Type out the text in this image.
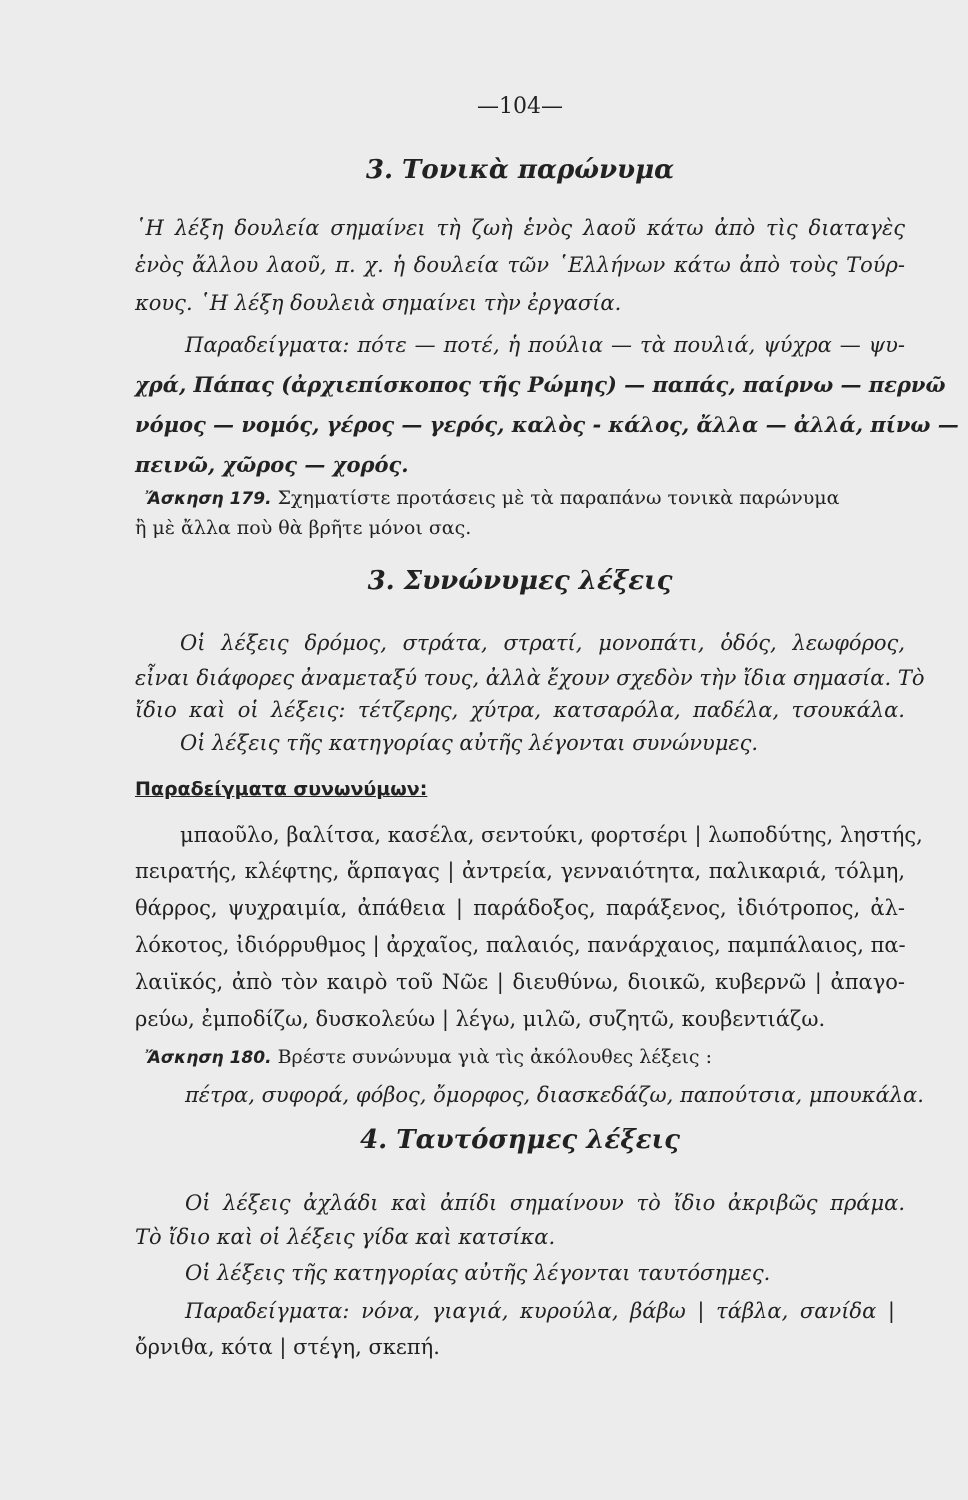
—104—
3. Τονικὰ παρώνυμα
῾Η λέξη δουλεία σημαίνει τὴ ζωὴ ἑνὸς λαοῦ κάτω ἀπὸ τὶς διαταγὲς
ἑνὸς ἄλλου λαοῦ, π. χ. ἡ δουλεία τῶν ῾Ελλήνων κάτω ἀπὸ τοὺς Τούρ-
κους. ῾Η λέξη δουλειὰ σημαίνει τὴν ἐργασία.
Παραδείγματα: πότε — ποτέ, ἡ πούλια — τὰ πουλιά, ψύχρα — ψυ-
χρά, Πάπας (ἀρχιεπίσκοπος τῆς Ρώμης) — παπάς, παίρνω — περνῶ
νόμος — νομός, γέρος — γερός, καλὸς - κάλος, ἄλλα — ἀλλά, πίνω —
πεινῶ, χῶρος — χορός.
Ἄσκηση 179. Σχηματίστε προτάσεις μὲ τὰ παραπάνω τονικὰ παρώνυμα
ἢ μὲ ἄλλα ποὺ θὰ βρῆτε μόνοι σας.
3. Συνώνυμες λέξεις
Οἱ λέξεις δρόμος, στράτα, στρατί, μονοπάτι, ὁδός, λεωφόρος,
εἶναι διάφορες ἀναμεταξύ τους, ἀλλὰ ἔχουν σχεδὸν τὴν ἴδια σημασία. Τὸ
ἴδιο καὶ οἱ λέξεις: τέτζερης, χύτρα, κατσαρόλα, παδέλα, τσουκάλα.
Οἱ λέξεις τῆς κατηγορίας αὐτῆς λέγονται συνώνυμες.
Παραδείγματα συνωνύμων:
μπαοῦλο, βαλίτσα, κασέλα, σεντούκι, φορτσέρι | λωποδύτης, ληστής,
πειρατής, κλέφτης, ἅρπαγας | ἀντρεία, γενναιότητα, παλικαριά, τόλμη,
θάρρος, ψυχραιμία, ἀπάθεια | παράδοξος, παράξενος, ἰδιότροπος, ἀλ-
λόκοτος, ἰδιόρρυθμος | ἀρχαῖος, παλαιός, πανάρχαιος, παμπάλαιος, πα-
λαιϊκός, ἀπὸ τὸν καιρὸ τοῦ Νῶε | διευθύνω, διοικῶ, κυβερνῶ | ἀπαγο-
ρεύω, ἐμποδίζω, δυσκολεύω | λέγω, μιλῶ, συζητῶ, κουβεντιάζω.
Ἄσκηση 180. Βρέστε συνώνυμα γιὰ τὶς ἀκόλουθες λέξεις :
πέτρα, συφορά, φόβος, ὄμορφος, διασκεδάζω, παπούτσια, μπουκάλα.
4. Ταυτόσημες λέξεις
Οἱ λέξεις ἀχλάδι καὶ ἀπίδι σημαίνουν τὸ ἴδιο ἀκριβῶς πράμα.
Τὸ ἴδιο καὶ οἱ λέξεις γίδα καὶ κατσίκα.
Οἱ λέξεις τῆς κατηγορίας αὐτῆς λέγονται ταυτόσημες.
Παραδείγματα: νόνα, γιαγιά, κυρούλα, βάβω | τάβλα, σανίδα |
ὄρνιθα, κότα | στέγη, σκεπή.
